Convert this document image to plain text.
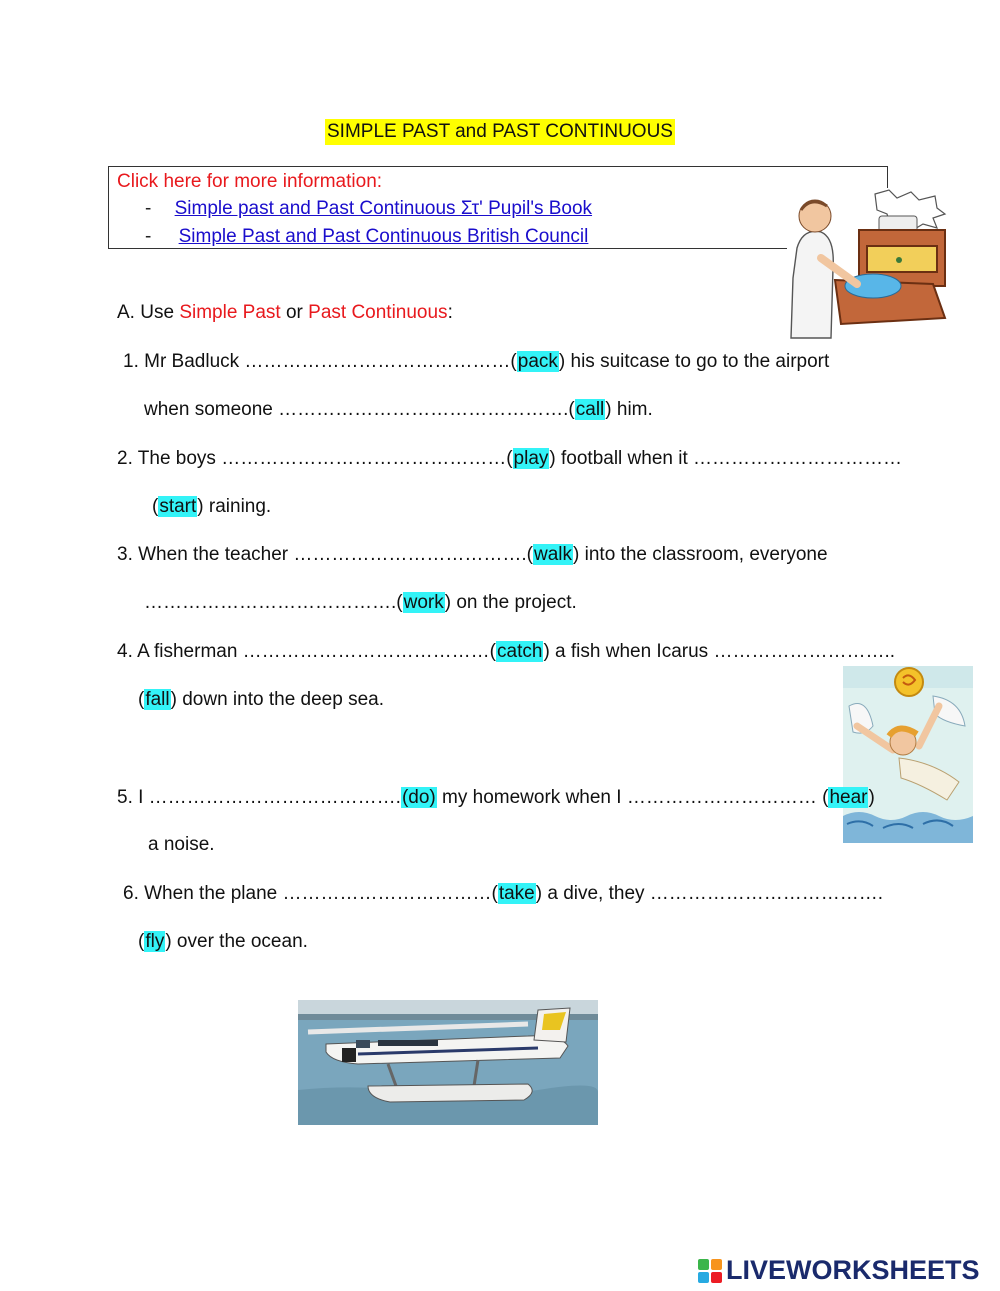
SIMPLE PAST and PAST CONTINUOUS
Click here for more information:
- Simple past and Past Continuous Στ' Pupil's Book
- Simple Past and Past Continuous British Council
A. Use Simple Past or Past Continuous:
1. Mr Badluck ……………………………………(pack) his suitcase to go to the airport
when someone ……………………………………….(call) him.
2. The boys ………………………………………(play) football when it ……………………………
(start) raining.
3. When the teacher ……………………………….(walk) into the classroom, everyone
………………………………….(work) on the project.
4. A fisherman …………………………………(catch) a fish when Icarus ………………………..
(fall) down into the deep sea.
5. I ………………………………….(do) my homework when I ………………………… (hear)
a noise.
6. When the plane ……………………………(take) a dive, they ……………………………….
(fly) over the ocean.
LIVEWORKSHEETS
